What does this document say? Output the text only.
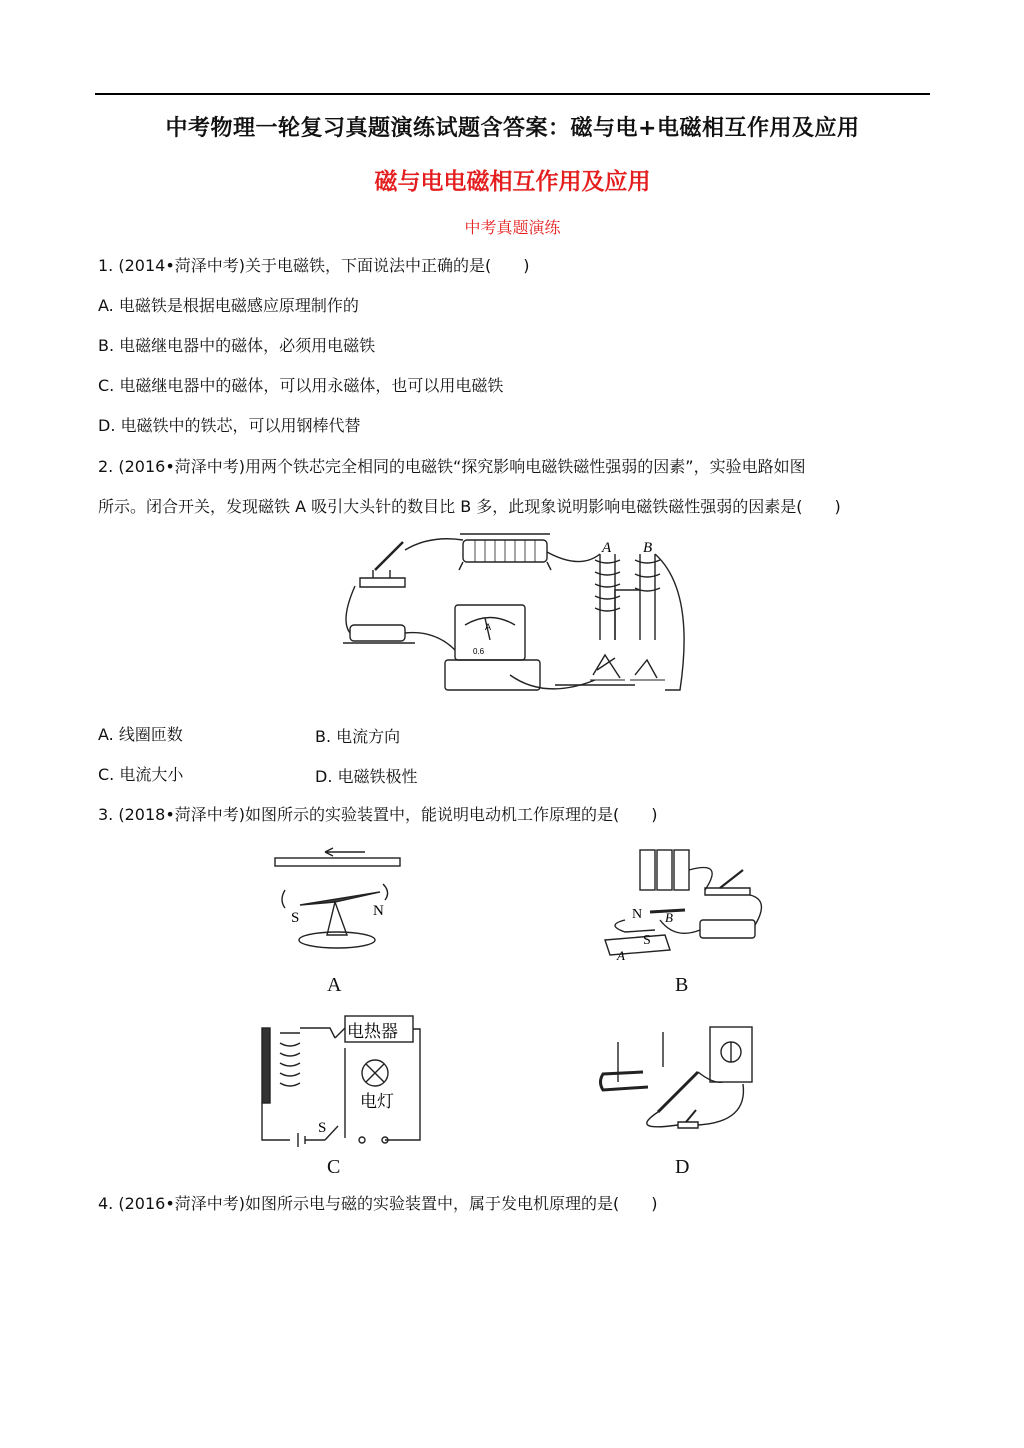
中考物理一轮复习真题演练试题含答案：磁与电+电磁相互作用及应用
磁与电电磁相互作用及应用
中考真题演练
1. (2014•菏泽中考)关于电磁铁，下面说法中正确的是(　　)
A. 电磁铁是根据电磁感应原理制作的
B. 电磁继电器中的磁体，必须用电磁铁
C. 电磁继电器中的磁体，可以用永磁体，也可以用电磁铁
D. 电磁铁中的铁芯，可以用钢棒代替
2. (2016•菏泽中考)用两个铁芯完全相同的电磁铁“探究影响电磁铁磁性强弱的因素”，实验电路如图
所示。闭合开关，发现磁铁 A 吸引大头针的数目比 B 多，此现象说明影响电磁铁磁性强弱的因素是(　　)
A B
A
0.6
A. 线圈匝数	B. 电流方向
C. 电流大小	D. 电磁铁极性
3. (2018•菏泽中考)如图所示的实验装置中，能说明电动机工作原理的是(　　)
S	N
A
N
S
B
A
B
电热器
电灯
S
C	D
4. (2016•菏泽中考)如图所示电与磁的实验装置中，属于发电机原理的是(　　)
